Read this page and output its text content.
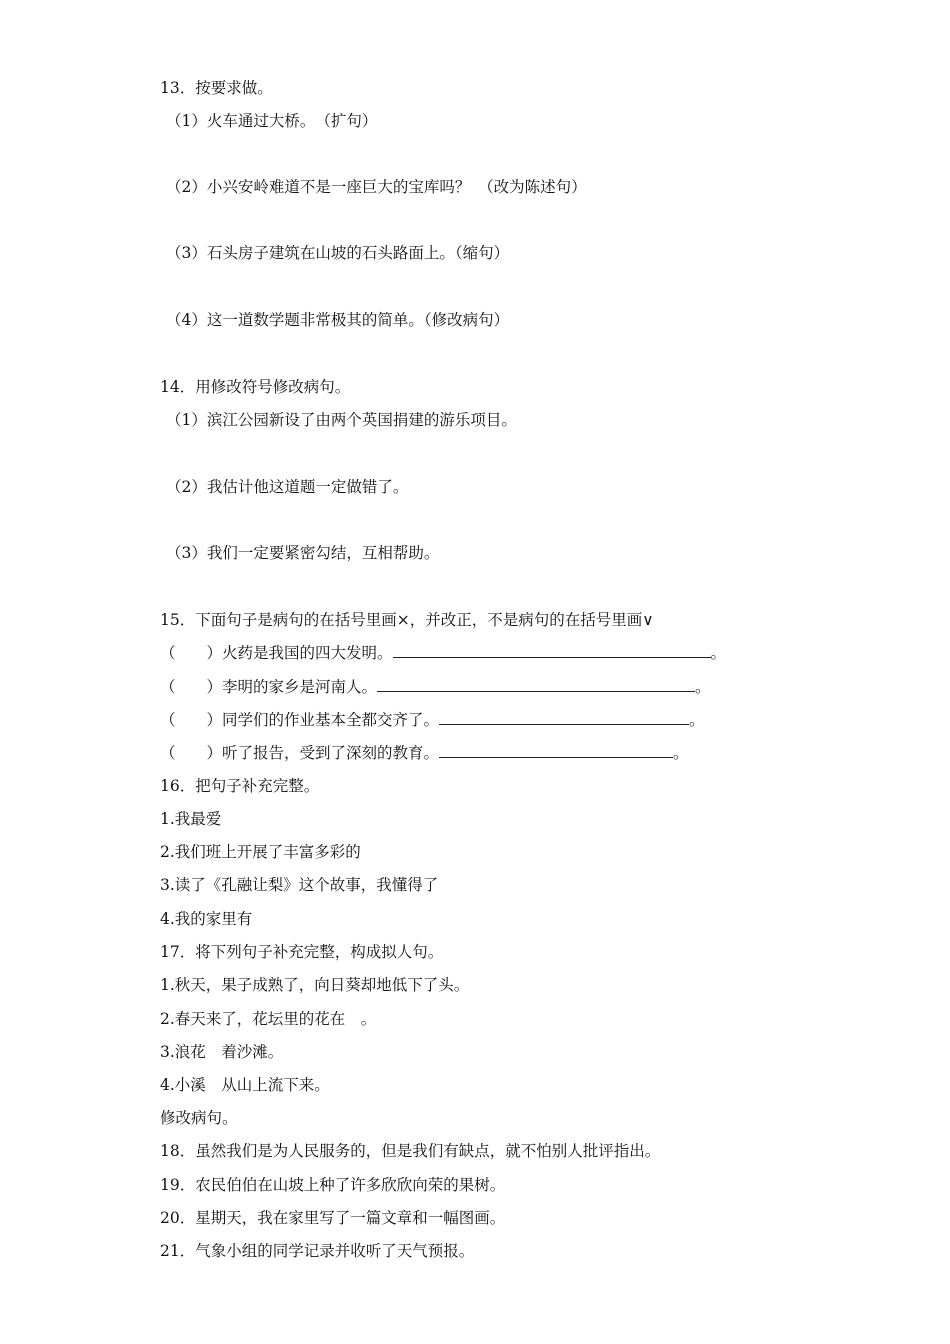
13．按要求做。
（1）火车通过大桥。　（扩句）
（2）小兴安岭难道不是一座巨大的宝库吗？　（改为陈述句）
（3）石头房子建筑在山坡的石头路面上。（缩句）
（4）这一道数学题非常极其的简单。（修改病句）
14．用修改符号修改病句。
（1）滨江公园新设了由两个英国捐建的游乐项目。
（2）我估计他这道题一定做错了。
（3）我们一定要紧密勾结，互相帮助。
15．下面句子是病句的在括号里画×，并改正，不是病句的在括号里画∨
（　　）火药是我国的四大发明。	。
（　　）李明的家乡是河南人。	。
（　　）同学们的作业基本全都交齐了。	。
（　　）听了报告，受到了深刻的教育。	。
16．把句子补充完整。
1.我最爱
2.我们班上开展了丰富多彩的
3.读了《孔融让梨》这个故事，我懂得了
4.我的家里有
17．将下列句子补充完整，构成拟人句。
1.秋天，果子成熟了，向日葵却地低下了头。
2.春天来了，花坛里的花在　。
3.浪花　着沙滩。
4.小溪　从山上流下来。
修改病句。
18．虽然我们是为人民服务的，但是我们有缺点，就不怕别人批评指出。
19．农民伯伯在山坡上种了许多欣欣向荣的果树。
20．星期天，我在家里写了一篇文章和一幅图画。
21．气象小组的同学记录并收听了天气预报。
